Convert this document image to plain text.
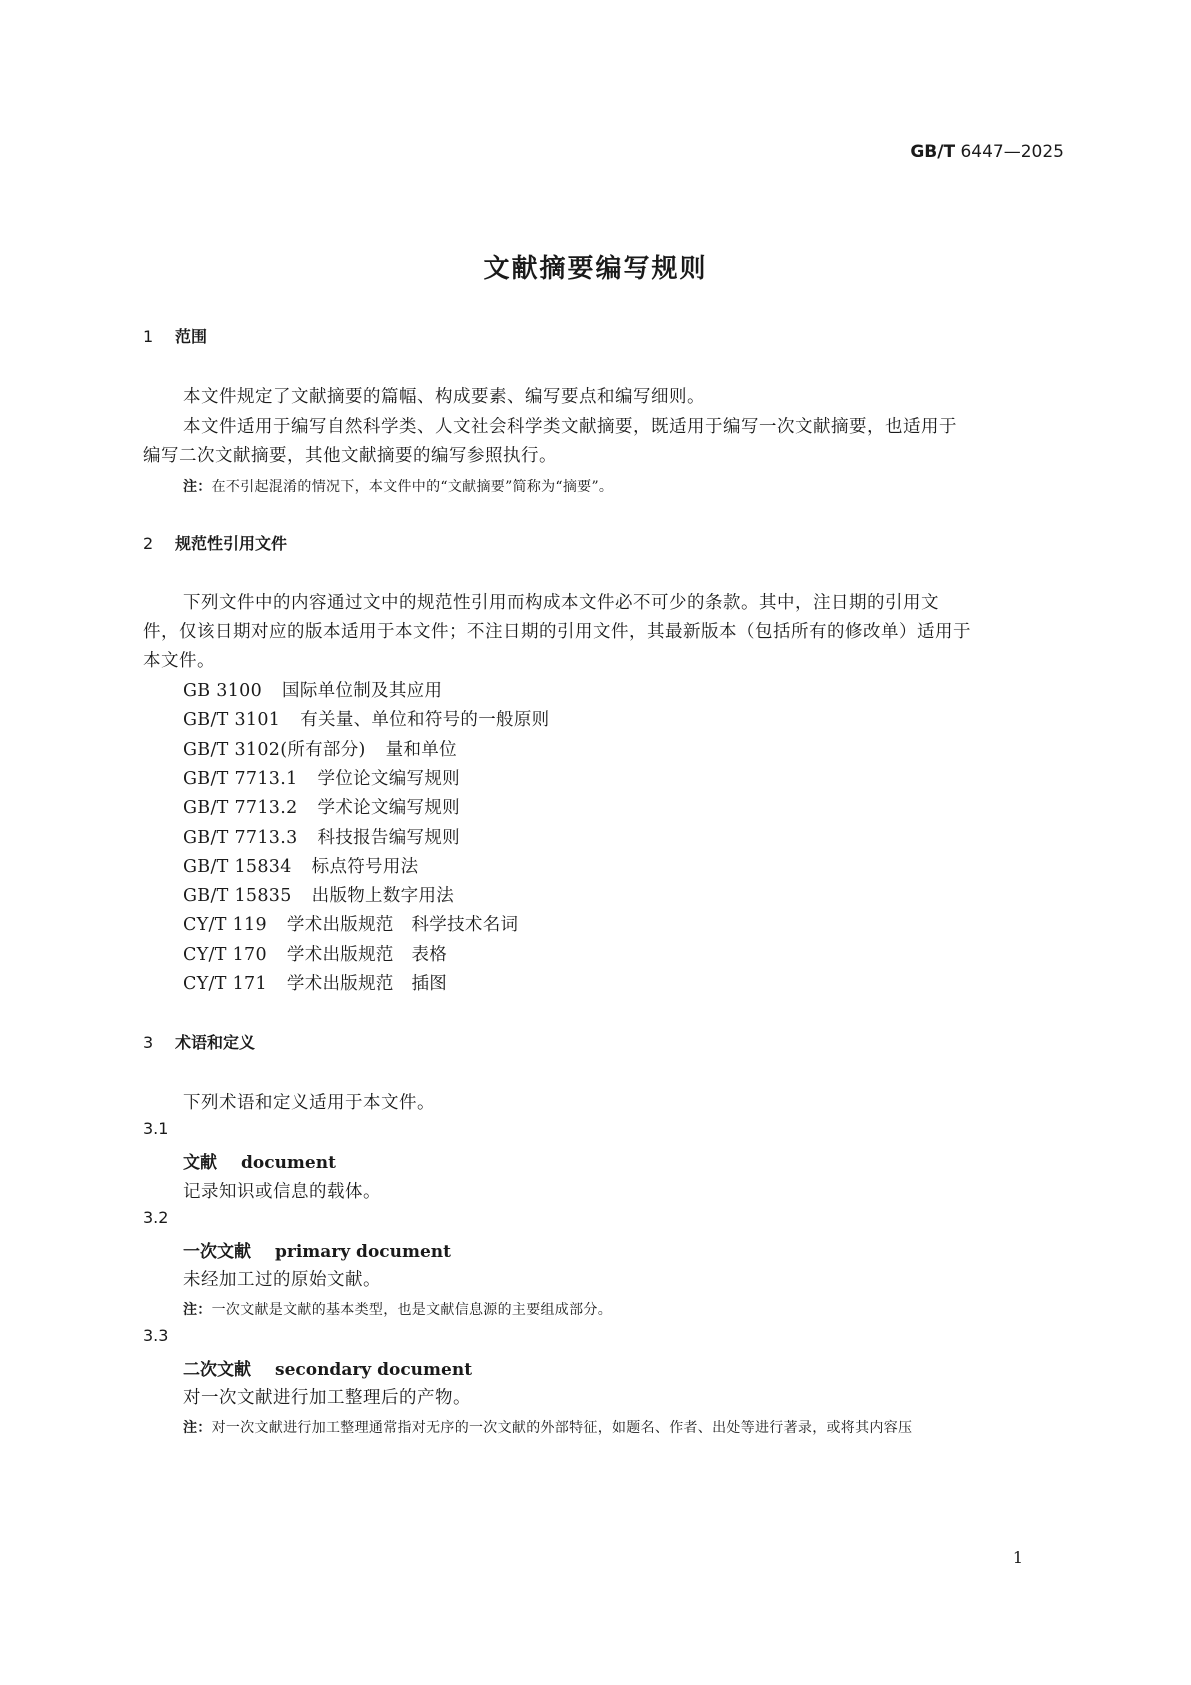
GB/T 6447—2025
文献摘要编写规则
1 范围
本文件规定了文献摘要的篇幅、构成要素、编写要点和编写细则。
本文件适用于编写自然科学类、人文社会科学类文献摘要，既适用于编写一次文献摘要，也适用于
编写二次文献摘要，其他文献摘要的编写参照执行。
注：在不引起混淆的情况下，本文件中的“文献摘要”简称为“摘要”。
2 规范性引用文件
下列文件中的内容通过文中的规范性引用而构成本文件必不可少的条款。其中，注日期的引用文
件，仅该日期对应的版本适用于本文件；不注日期的引用文件，其最新版本（包括所有的修改单）适用于
本文件。
GB 3100 国际单位制及其应用
GB/T 3101 有关量、单位和符号的一般原则
GB/T 3102(所有部分) 量和单位
GB/T 7713.1 学位论文编写规则
GB/T 7713.2 学术论文编写规则
GB/T 7713.3 科技报告编写规则
GB/T 15834 标点符号用法
GB/T 15835 出版物上数字用法
CY/T 119 学术出版规范　科学技术名词
CY/T 170 学术出版规范　表格
CY/T 171 学术出版规范　插图
3 术语和定义
下列术语和定义适用于本文件。
3.1
文献 document
记录知识或信息的载体。
3.2
一次文献 primary document
未经加工过的原始文献。
注：一次文献是文献的基本类型，也是文献信息源的主要组成部分。
3.3
二次文献 secondary document
对一次文献进行加工整理后的产物。
注：对一次文献进行加工整理通常指对无序的一次文献的外部特征，如题名、作者、出处等进行著录，或将其内容压
1
